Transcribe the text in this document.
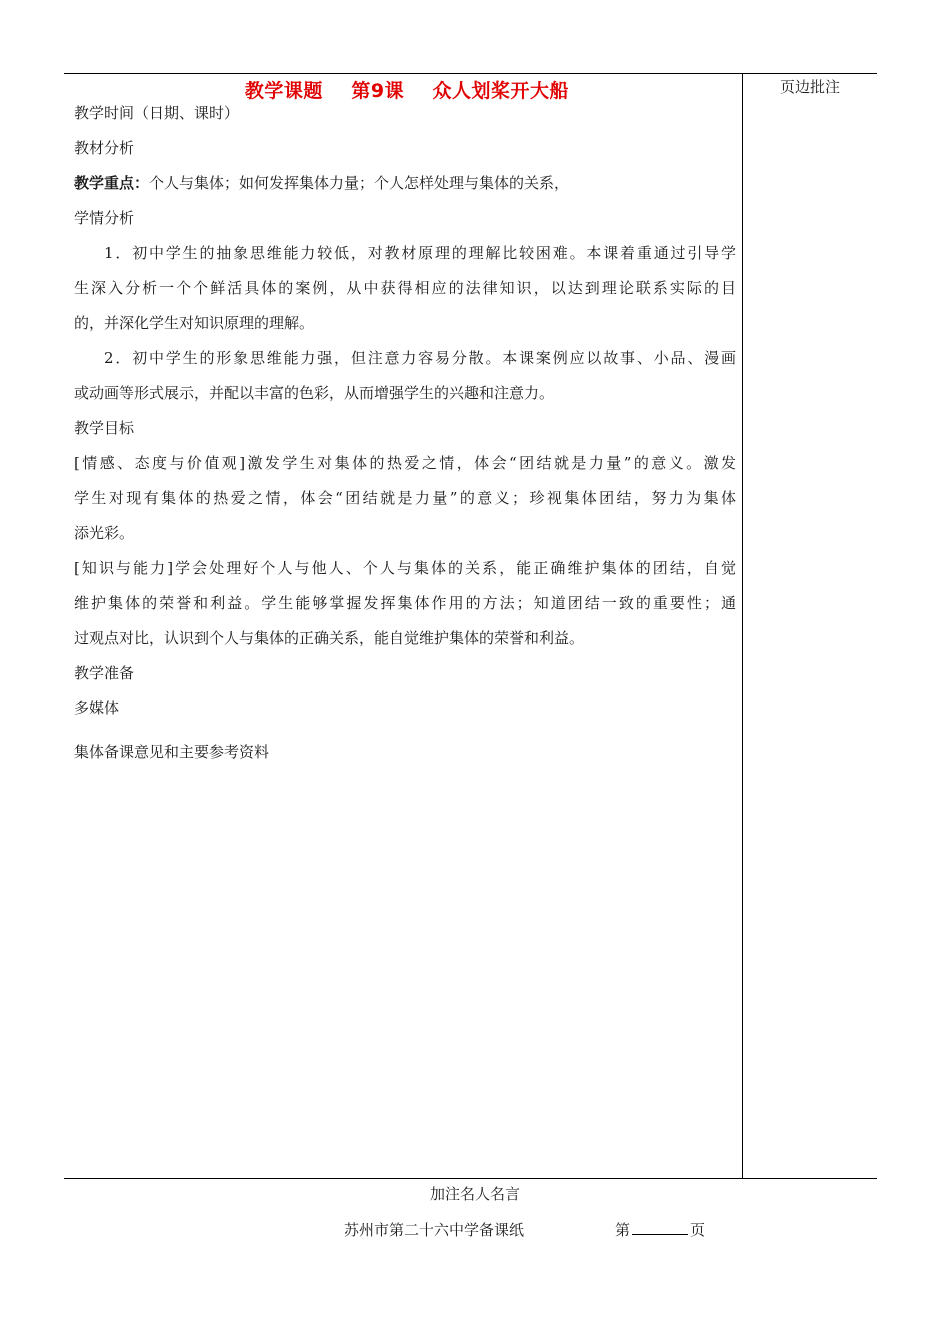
教学课题    第9课    众人划桨开大船	页边批注
教学时间（日期、课时）
教材分析
教学重点：个人与集体；如何发挥集体力量；个人怎样处理与集体的关系，
学情分析
1．初中学生的抽象思维能力较低，对教材原理的理解比较困难。本课着重通过引导学
生深入分析一个个鲜活具体的案例，从中获得相应的法律知识，以达到理论联系实际的目
的，并深化学生对知识原理的理解。
2．初中学生的形象思维能力强，但注意力容易分散。本课案例应以故事、小品、漫画
或动画等形式展示，并配以丰富的色彩，从而增强学生的兴趣和注意力。
教学目标
[情感、态度与价值观]激发学生对集体的热爱之情，体会“团结就是力量”的意义。激发
学生对现有集体的热爱之情，体会“团结就是力量”的意义；珍视集体团结，努力为集体
添光彩。
[知识与能力]学会处理好个人与他人、个人与集体的关系，能正确维护集体的团结，自觉
维护集体的荣誉和利益。学生能够掌握发挥集体作用的方法；知道团结一致的重要性；通
过观点对比，认识到个人与集体的正确关系，能自觉维护集体的荣誉和利益。
教学准备
多媒体
集体备课意见和主要参考资料
加注名人名言
苏州市第二十六中学备课纸	第	页
